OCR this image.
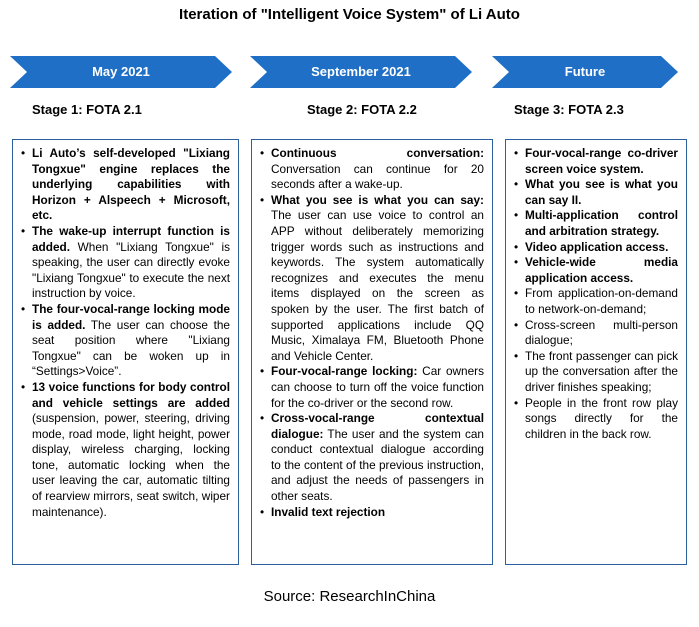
Iteration of "Intelligent Voice System" of Li Auto
May 2021	September 2021	Future
Stage 1: FOTA 2.1	Stage 2: FOTA 2.2	Stage 3: FOTA 2.3
• Li Auto’s self-developed "Lixiang Tongxue" engine replaces the underlying capabilities with Horizon + Alspeech + Microsoft, etc.
• The wake-up interrupt function is added. When "Lixiang Tongxue" is speaking, the user can directly evoke "Lixiang Tongxue" to execute the next instruction by voice.
• The four-vocal-range locking mode is added. The user can choose the seat position where "Lixiang Tongxue" can be woken up in “Settings>Voice”.
• 13 voice functions for body control and vehicle settings are added (suspension, power, steering, driving mode, road mode, light height, power display, wireless charging, locking tone, automatic locking when the user leaving the car, automatic tilting of rearview mirrors, seat switch, wiper maintenance).
• Continuous conversation: Conversation can continue for 20 seconds after a wake-up.
• What you see is what you can say: The user can use voice to control an APP without deliberately memorizing trigger words such as instructions and keywords. The system automatically recognizes and executes the menu items displayed on the screen as spoken by the user. The first batch of supported applications include QQ Music, Ximalaya FM, Bluetooth Phone and Vehicle Center.
• Four-vocal-range locking: Car owners can choose to turn off the voice function for the co-driver or the second row.
• Cross-vocal-range contextual dialogue: The user and the system can conduct contextual dialogue according to the content of the previous instruction, and adjust the needs of passengers in other seats.
• Invalid text rejection
• Four-vocal-range co-driver screen voice system.
• What you see is what you can say II.
• Multi-application control and arbitration strategy.
• Video application access.
• Vehicle-wide media application access.
• From application-on-demand to network-on-demand;
• Cross-screen multi-person dialogue;
• The front passenger can pick up the conversation after the driver finishes speaking;
• People in the front row play songs directly for the children in the back row.
Source: ResearchInChina
